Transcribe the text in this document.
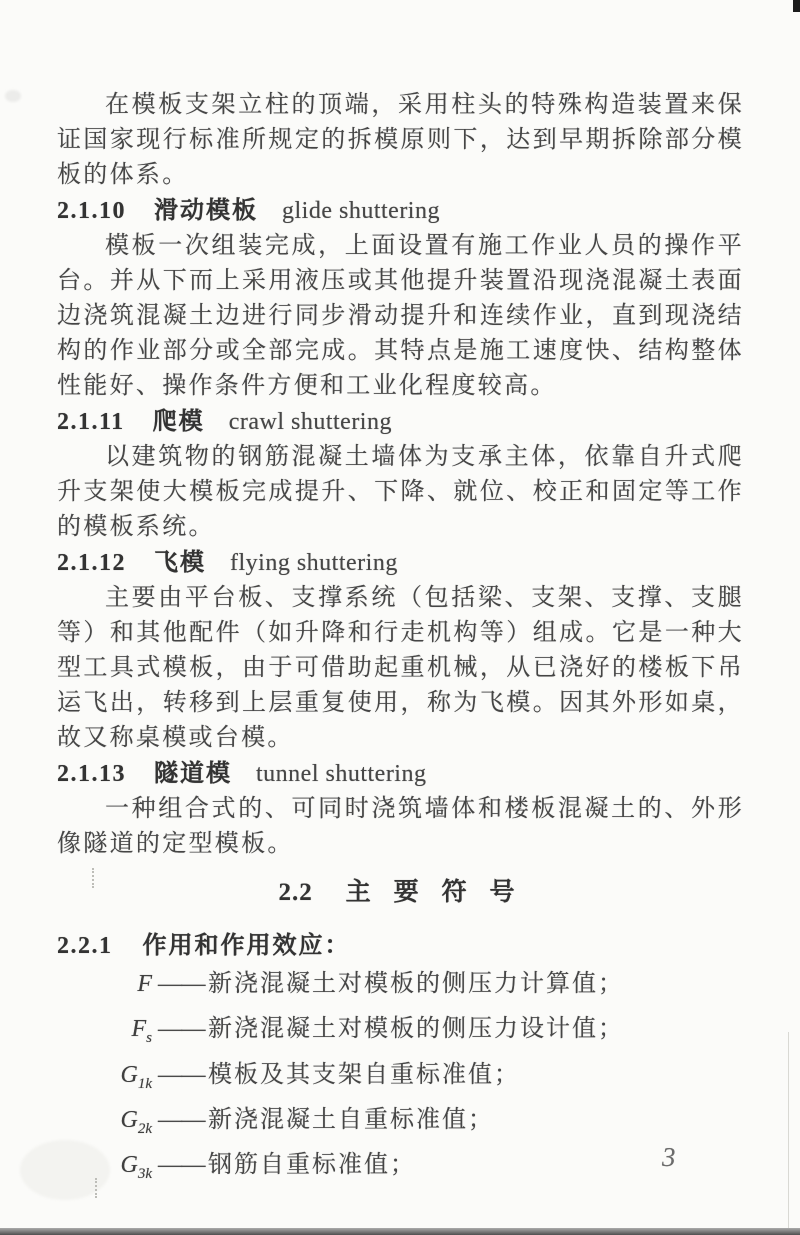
在模板支架立柱的顶端，采用柱头的特殊构造装置来保证国家现行标准所规定的拆模原则下，达到早期拆除部分模板的体系。

2.1.10 滑动模板 glide shuttering

模板一次组装完成，上面设置有施工作业人员的操作平台。并从下而上采用液压或其他提升装置沿现浇混凝土表面边浇筑混凝土边进行同步滑动提升和连续作业，直到现浇结构的作业部分或全部完成。其特点是施工速度快、结构整体性能好、操作条件方便和工业化程度较高。

2.1.11 爬模 crawl shuttering

以建筑物的钢筋混凝土墙体为支承主体，依靠自升式爬升支架使大模板完成提升、下降、就位、校正和固定等工作的模板系统。

2.1.12 飞模 flying shuttering

主要由平台板、支撑系统（包括梁、支架、支撑、支腿等）和其他配件（如升降和行走机构等）组成。它是一种大型工具式模板，由于可借助起重机械，从已浇好的楼板下吊运飞出，转移到上层重复使用，称为飞模。因其外形如桌，故又称桌模或台模。

2.1.13 隧道模 tunnel shuttering

一种组合式的、可同时浇筑墙体和楼板混凝土的、外形像隧道的定型模板。

2.2 主 要 符 号

2.2.1 作用和作用效应：

F —— 新浇混凝土对模板的侧压力计算值；
$F_s$ —— 新浇混凝土对模板的侧压力设计值；
$G_{1k}$ —— 模板及其支架自重标准值；
$G_{2k}$ —— 新浇混凝土自重标准值；
$G_{3k}$ —— 钢筋自重标准值；	3
